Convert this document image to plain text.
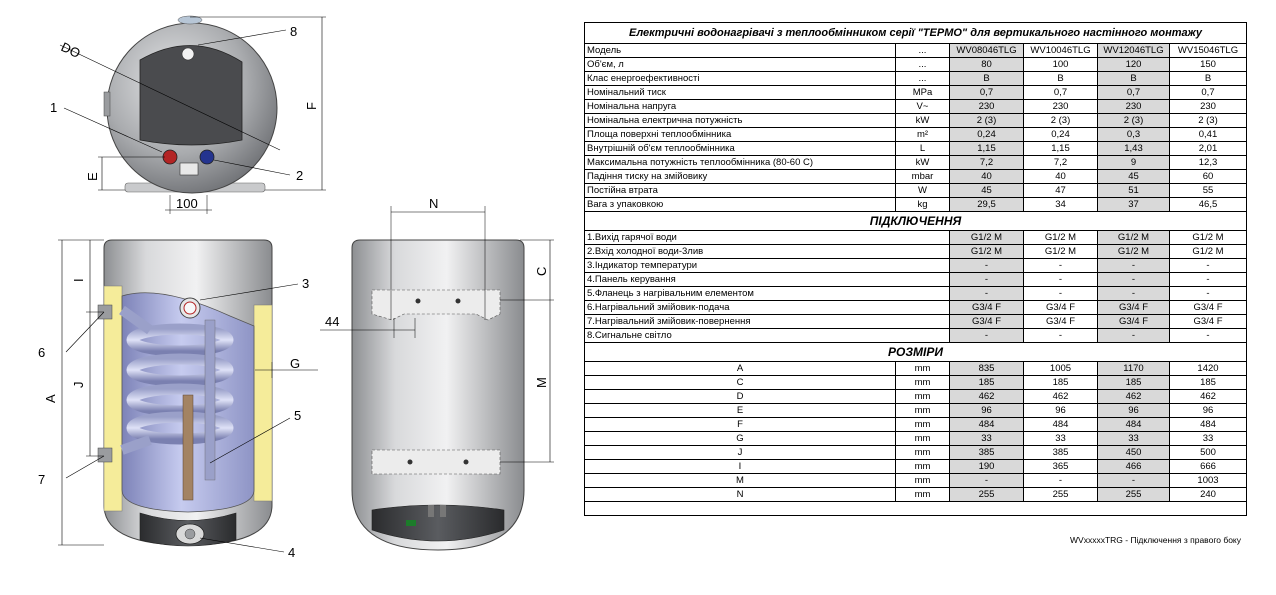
DO
1
8
2
F
E
100
I
J
A
6
7
3
G
5
4
N
44
C
M
Електричні водонагрівачі з теплообмінником серії "ТЕРМО" для вертикального настінного монтажу					
Модель	...	WV08046TLG	WV10046TLG	WV12046TLG	WV15046TLG
Об'єм, л	...	80	100	120	150
Клас енергоефективності	...	B	B	B	B
Номінальний тиск	MPa	0,7	0,7	0,7	0,7
Номінальна напруга	V~	230	230	230	230
Номінальна електрична потужність	kW	2 (3)	2 (3)	2 (3)	2 (3)
Площа поверхні теплообмінника	m²	0,24	0,24	0,3	0,41
Внутрішній об'єм теплообмінника	L	1,15	1,15	1,43	2,01
Максимальна потужність теплообмінника (80-60 C)	kW	7,2	7,2	9	12,3
Падіння тиску на змійовику	mbar	40	40	45	60
Постійна втрата	W	45	47	51	55
Вага з упаковкою	kg	29,5	34	37	46,5
ПІДКЛЮЧЕННЯ					
1.Вихід гарячої води		G1/2 M	G1/2 M	G1/2 M	G1/2 M
2.Вхід холодної води-3лив		G1/2 M	G1/2 M	G1/2 M	G1/2 M
3.Індикатор температури		-	-	-	-
4.Панель керування		-	-	-	-
5.Фланець з нагрівальним елементом		-	-	-	-
6.Нагрівальний змійовик-подача		G3/4 F	G3/4 F	G3/4 F	G3/4 F
7.Нагрівальний змійовик-повернення		G3/4 F	G3/4 F	G3/4 F	G3/4 F
8.Сигнальне світло		-	-	-	-
РОЗМІРИ					
A	mm	835	1005	1170	1420
C	mm	185	185	185	185
D	mm	462	462	462	462
E	mm	96	96	96	96
F	mm	484	484	484	484
G	mm	33	33	33	33
J	mm	385	385	450	500
I	mm	190	365	466	666
M	mm	-	-	-	1003
N	mm	255	255	255	240

WVxxxxxTRG - Підключення з правого боку
